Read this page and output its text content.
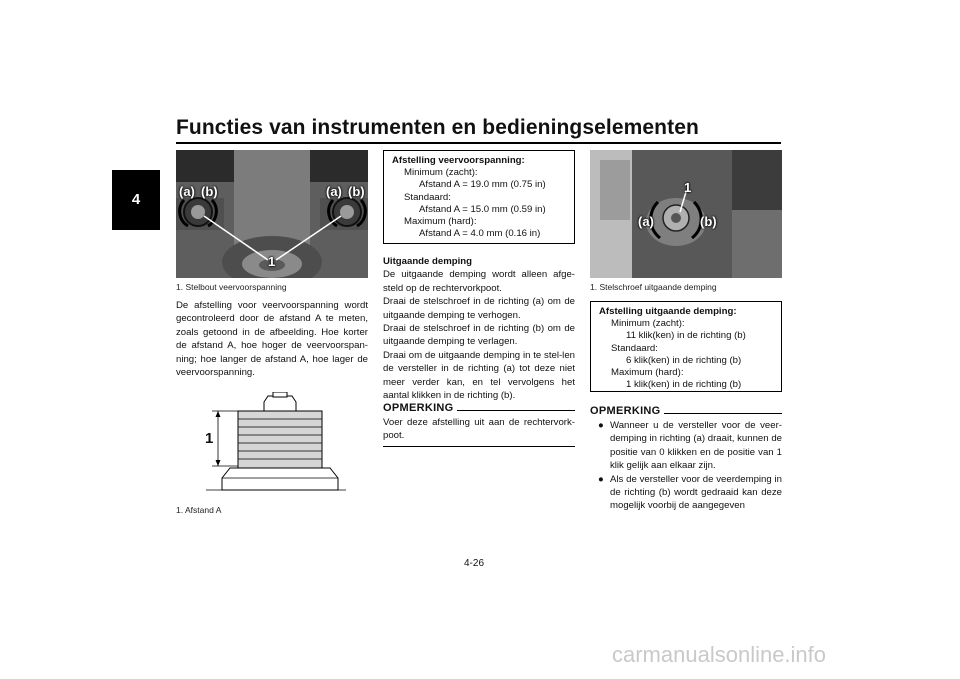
Functies van instrumenten en bedieningselementen
4	(a) (b)	(a) (b)
1
1. Stelbout veervoorspanning
De afstelling voor veervoorspanning wordt gecontroleerd door de afstand A te meten, zoals getoond in de afbeelding. Hoe korter de afstand A, hoe hoger de veervoorspan-ning; hoe langer de afstand A, hoe lager de veervoorspanning.
1
1. Afstand A
Afstelling veervoorspanning:
Minimum (zacht):
Afstand A = 19.0 mm (0.75 in)
Standaard:
Afstand A = 15.0 mm (0.59 in)
Maximum (hard):
Afstand A = 4.0 mm (0.16 in)
Uitgaande demping

De uitgaande demping wordt alleen afge-steld op de rechtervorkpoot.

Draai de stelschroef in de richting (a) om de uitgaande demping te verhogen.

Draai de stelschroef in de richting (b) om de uitgaande demping te verlagen.

Draai om de uitgaande demping in te stel-len de versteller in de richting (a) tot deze niet meer verder kan, en tel vervolgens het aantal klikken in de richting (b).

OPMERKING
Voer deze afstelling uit aan de rechtervork-poot.
(a)	(b)
1
1. Stelschroef uitgaande demping
Afstelling uitgaande demping:
Minimum (zacht):
11 klik(ken) in de richting (b)
Standaard:
6 klik(ken) in de richting (b)
Maximum (hard):
1 klik(ken) in de richting (b)
OPMERKING
● Wanneer u de versteller voor de veer-demping in richting (a) draait, kunnen de positie van 0 klikken en de positie van 1 klik gelijk aan elkaar zijn.
● Als de versteller voor de veerdemping in de richting (b) wordt gedraaid kan deze mogelijk voorbij de aangegeven
4-26
carmanualsonline.info
